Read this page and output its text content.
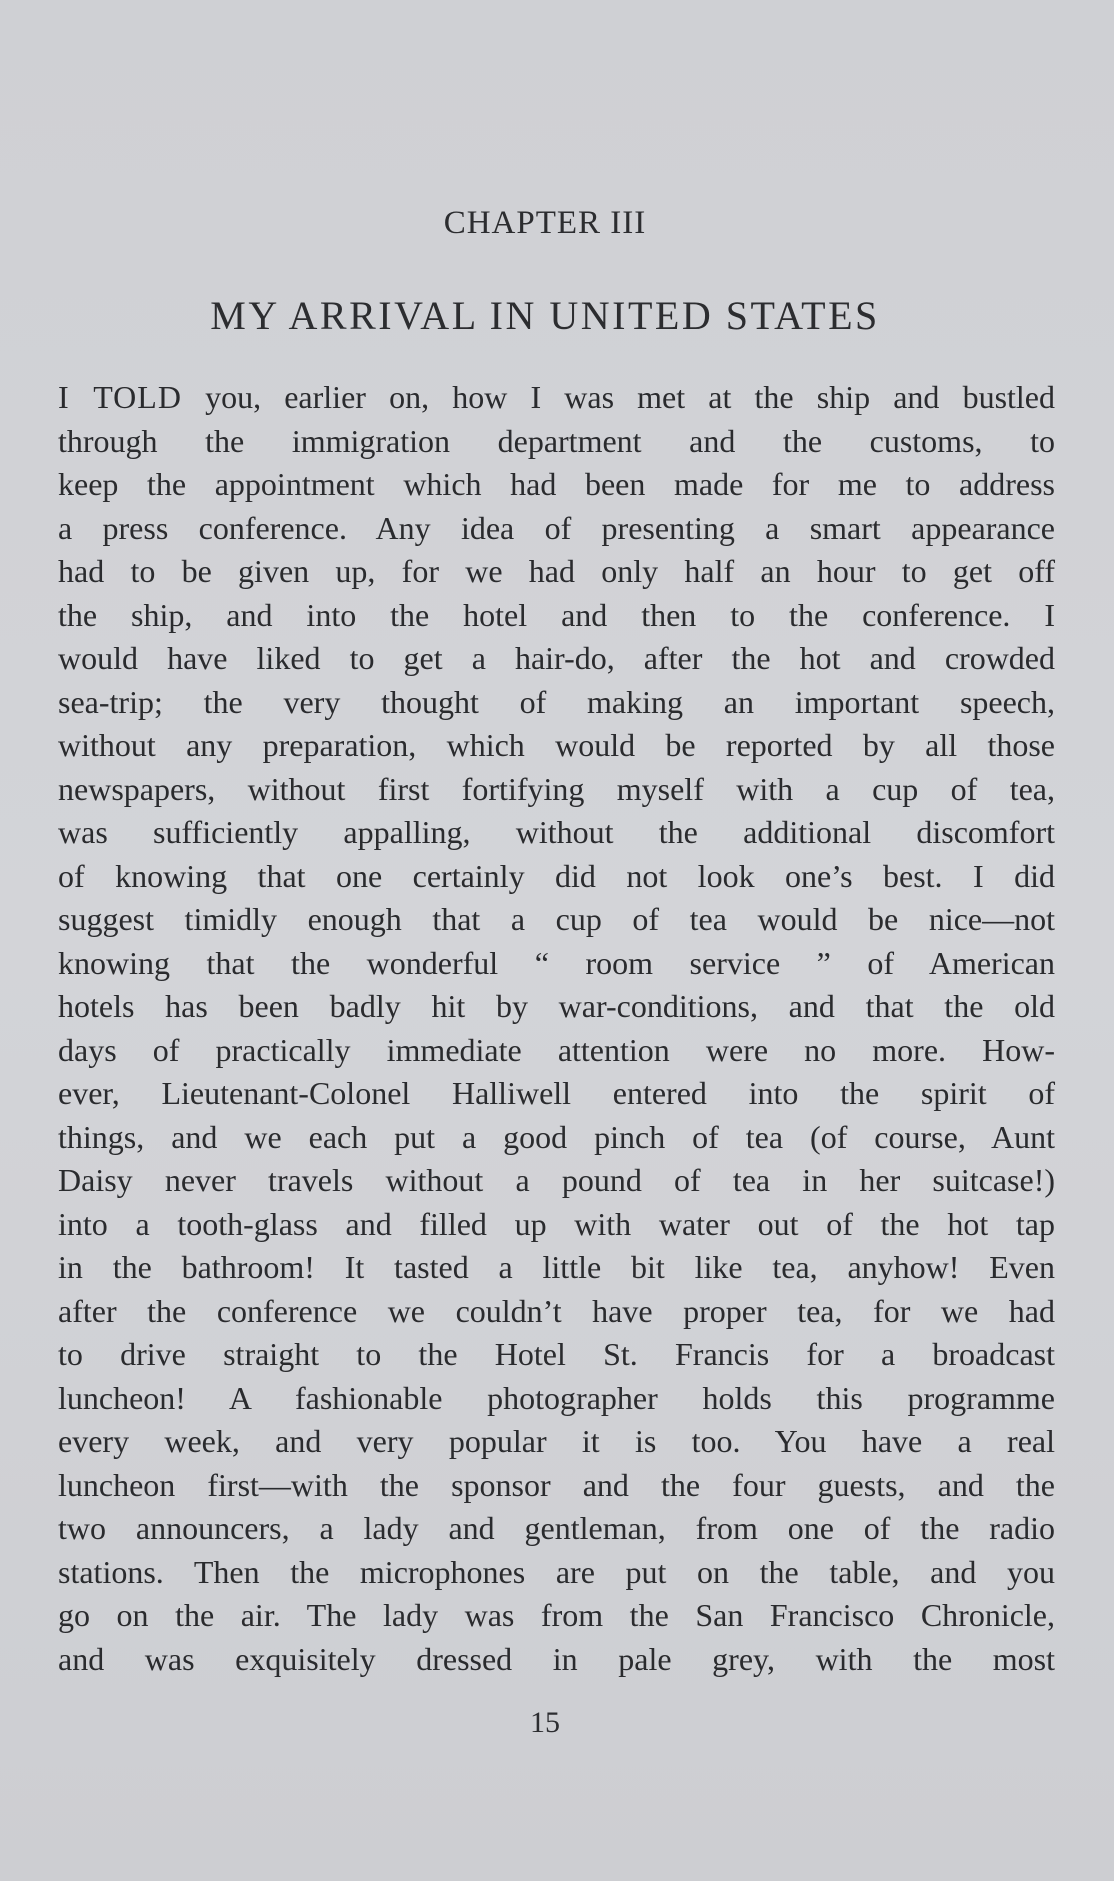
CHAPTER III
MY ARRIVAL IN UNITED STATES
I TOLD you, earlier on, how I was met at the ship and bustled
through the immigration department and the customs, to
keep the appointment which had been made for me to address
a press conference. Any idea of presenting a smart appearance
had to be given up, for we had only half an hour to get off
the ship, and into the hotel and then to the conference. I
would have liked to get a hair-do, after the hot and crowded
sea-trip; the very thought of making an important speech,
without any preparation, which would be reported by all those
newspapers, without first fortifying myself with a cup of tea,
was sufficiently appalling, without the additional discomfort
of knowing that one certainly did not look one’s best. I did
suggest timidly enough that a cup of tea would be nice—not
knowing that the wonderful “ room service ” of American
hotels has been badly hit by war-conditions, and that the old
days of practically immediate attention were no more. How-
ever, Lieutenant-Colonel Halliwell entered into the spirit of
things, and we each put a good pinch of tea (of course, Aunt
Daisy never travels without a pound of tea in her suitcase!)
into a tooth-glass and filled up with water out of the hot tap
in the bathroom! It tasted a little bit like tea, anyhow! Even
after the conference we couldn’t have proper tea, for we had
to drive straight to the Hotel St. Francis for a broadcast
luncheon! A fashionable photographer holds this programme
every week, and very popular it is too. You have a real
luncheon first—with the sponsor and the four guests, and the
two announcers, a lady and gentleman, from one of the radio
stations. Then the microphones are put on the table, and you
go on the air. The lady was from the San Francisco Chronicle,
and was exquisitely dressed in pale grey, with the most
15
